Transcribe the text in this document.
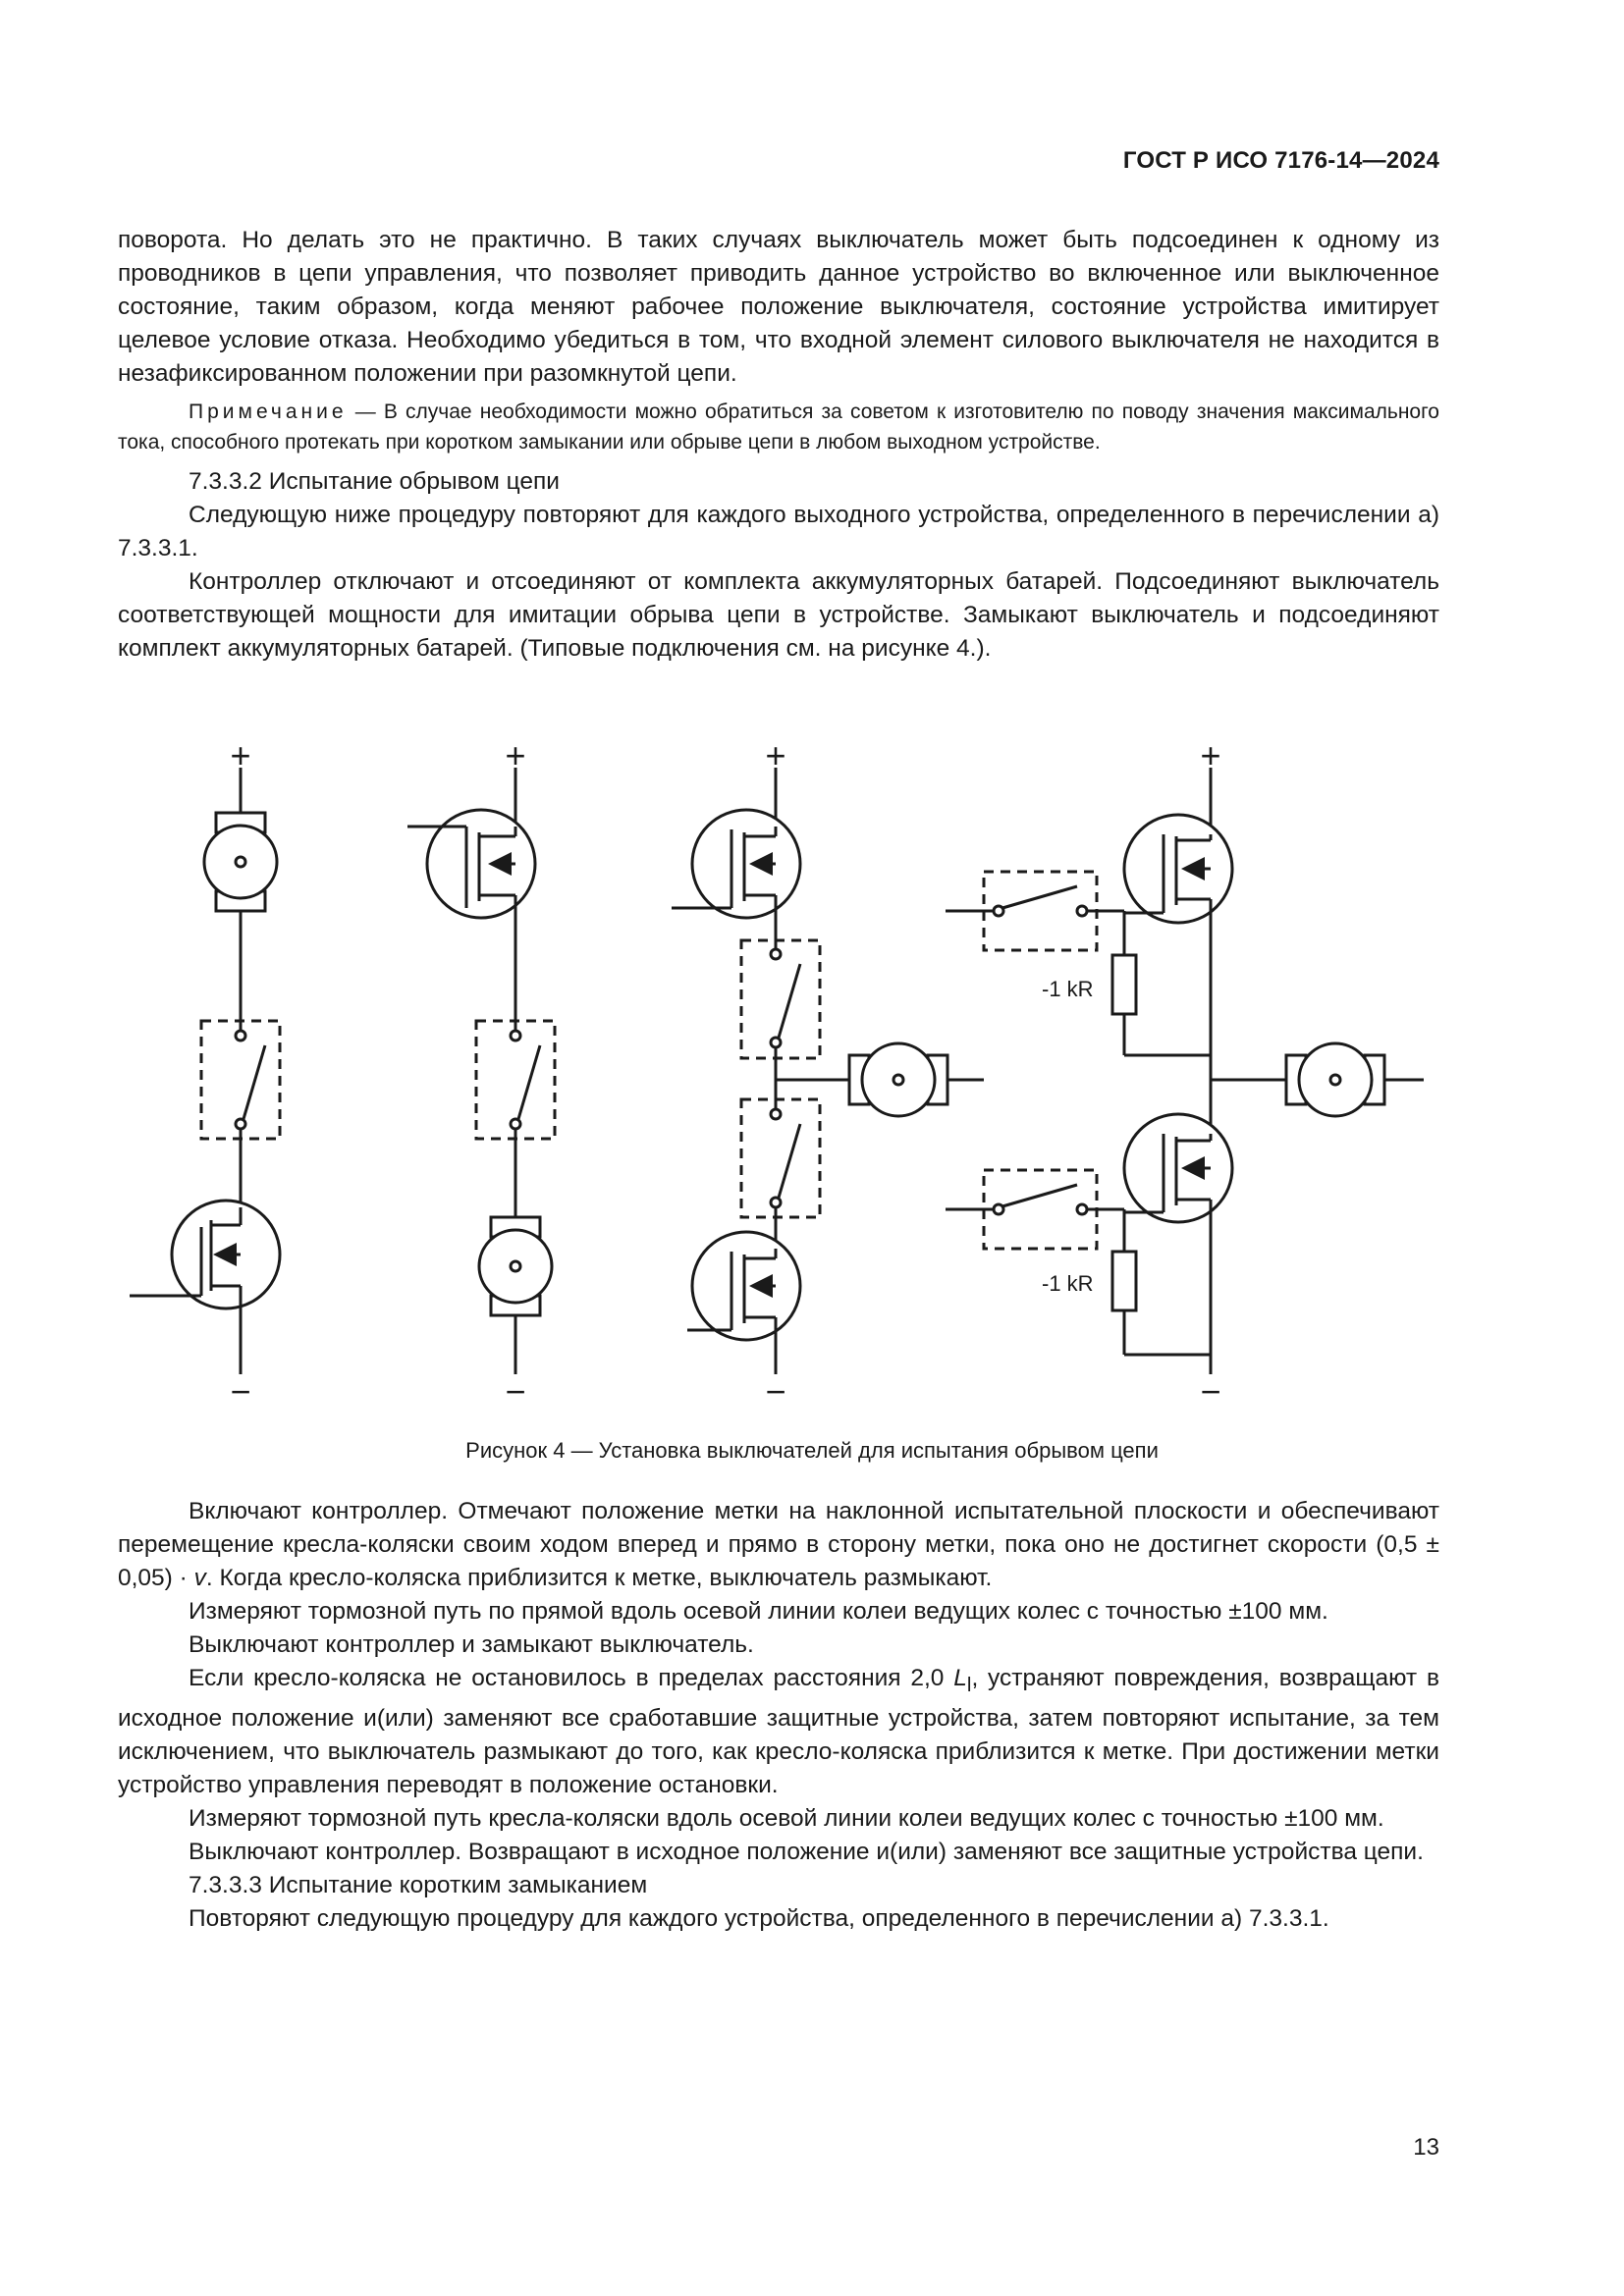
ГОСТ Р ИСО 7176-14—2024

поворота. Но делать это не практично. В таких случаях выключатель может быть подсоединен к одному из проводников в цепи управления, что позволяет приводить данное устройство во включенное или выключенное состояние, таким образом, когда меняют рабочее положение выключателя, состояние устройства имитирует целевое условие отказа. Необходимо убедиться в том, что входной элемент силового выключателя не находится в незафиксированном положении при разомкнутой цепи.

Примечание — В случае необходимости можно обратиться за советом к изготовителю по поводу значения максимального тока, способного протекать при коротком замыкании или обрыве цепи в любом выходном устройстве.

7.3.3.2 Испытание обрывом цепи

Следующую ниже процедуру повторяют для каждого выходного устройства, определенного в перечислении а) 7.3.3.1.

Контроллер отключают и отсоединяют от комплекта аккумуляторных батарей. Подсоединяют выключатель соответствующей мощности для имитации обрыва цепи в устройстве. Замыкают выключатель и подсоединяют комплект аккумуляторных батарей. (Типовые подключения см. на рисунке 4.).

+	+	+	+
−	−	−	−
-1 kR
-1 kR
Рисунок 4 — Установка выключателей для испытания обрывом цепи

Включают контроллер. Отмечают положение метки на наклонной испытательной плоскости и обеспечивают перемещение кресла-коляски своим ходом вперед и прямо в сторону метки, пока оно не достигнет скорости (0,5 ± 0,05) · v. Когда кресло-коляска приблизится к метке, выключатель размыкают.

Измеряют тормозной путь по прямой вдоль осевой линии колеи ведущих колес с точностью ±100 мм.

Выключают контроллер и замыкают выключатель.

Если кресло-коляска не остановилось в пределах расстояния 2,0 $L_l$, устраняют повреждения, возвращают в исходное положение и(или) заменяют все сработавшие защитные устройства, затем повторяют испытание, за тем исключением, что выключатель размыкают до того, как кресло-коляска приблизится к метке. При достижении метки устройство управления переводят в положение остановки.

Измеряют тормозной путь кресла-коляски вдоль осевой линии колеи ведущих колес с точностью ±100 мм.

Выключают контроллер. Возвращают в исходное положение и(или) заменяют все защитные устройства цепи.

7.3.3.3 Испытание коротким замыканием

Повторяют следующую процедуру для каждого устройства, определенного в перечислении а) 7.3.3.1.

13
